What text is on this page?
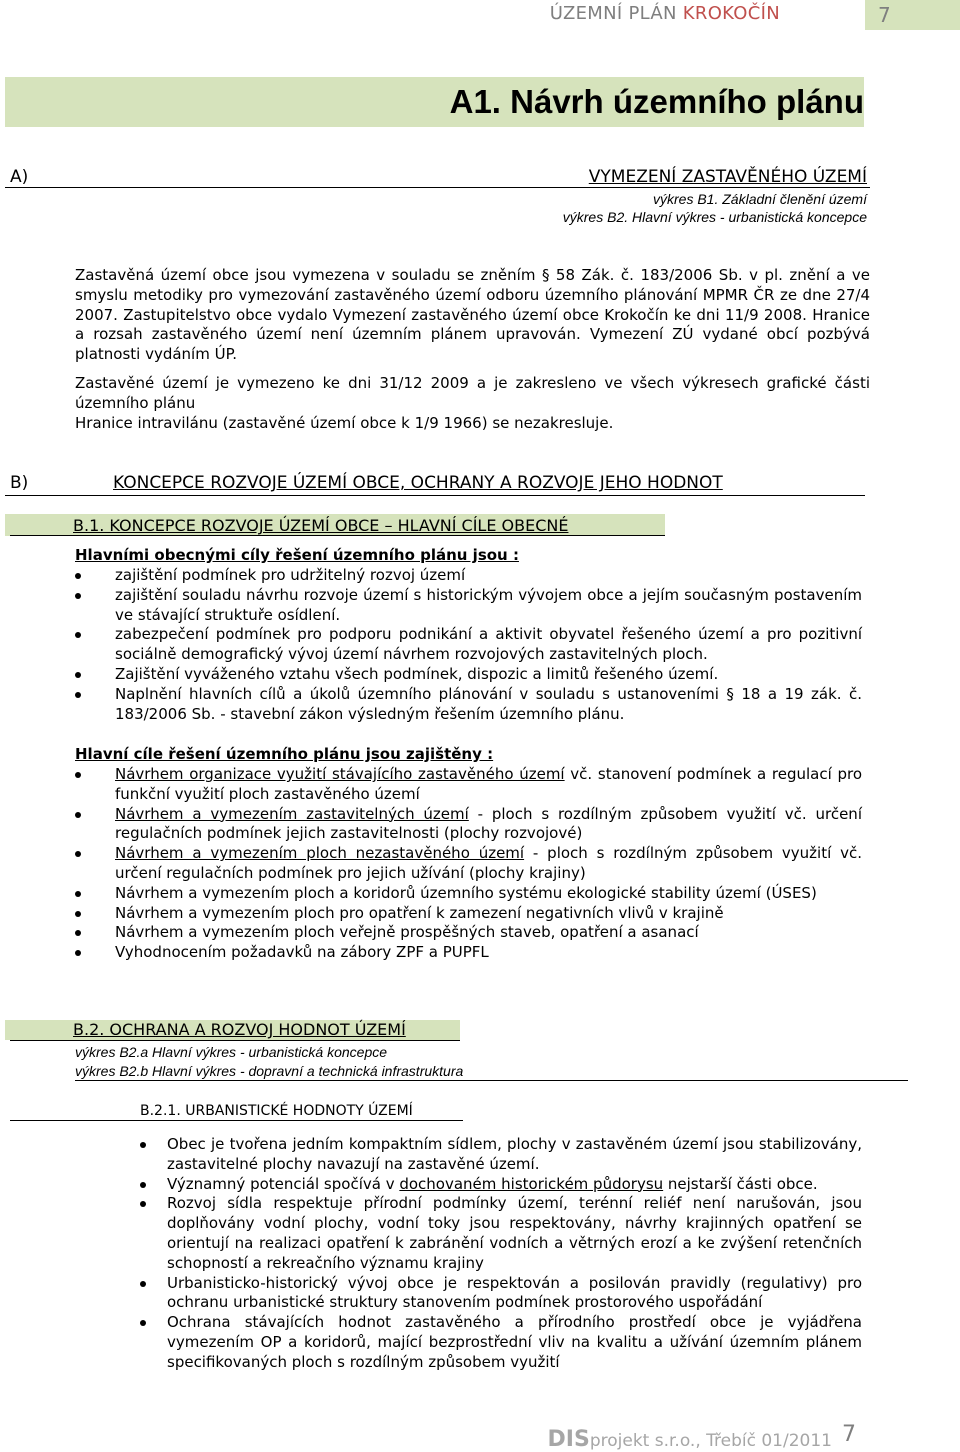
ÚZEMNÍ PLÁN KROKOČÍN	7
A1. Návrh územního plánu
A)	VYMEZENÍ ZASTAVĚNÉHO ÚZEMÍ
výkres B1. Základní členění území
výkres B2. Hlavní výkres - urbanistická koncepce
Zastavěná území obce jsou vymezena v souladu se zněním § 58 Zák. č. 183/2006 Sb. v pl. znění a ve smyslu metodiky pro vymezování zastavěného území odboru územního plánování MPMR ČR ze dne 27/4 2007. Zastupitelstvo obce vydalo Vymezení zastavěného území obce Krokočín ke dni 11/9 2008. Hranice a rozsah zastavěného území není územním plánem upravován. Vymezení ZÚ vydané obcí pozbývá platnosti vydáním ÚP.
Zastavěné území je vymezeno ke dni 31/12 2009 a je zakresleno ve všech výkresech grafické části územního plánu
Hranice intravilánu (zastavěné území obce k 1/9 1966) se nezakresluje.
B)	KONCEPCE ROZVOJE ÚZEMÍ OBCE, OCHRANY A ROZVOJE JEHO HODNOT
B.1. KONCEPCE ROZVOJE ÚZEMÍ OBCE – HLAVNÍ CÍLE OBECNÉ
Hlavními obecnými cíly řešení územního plánu jsou :
zajištění podmínek pro udržitelný rozvoj území
zajištění souladu návrhu rozvoje území s historickým vývojem obce a jejím současným postavením ve stávající struktuře osídlení.
zabezpečení podmínek pro podporu podnikání a aktivit obyvatel řešeného území a pro pozitivní sociálně demografický vývoj území návrhem rozvojových zastavitelných ploch.
Zajištění vyváženého vztahu všech podmínek, dispozic a limitů řešeného území.
Naplnění hlavních cílů a úkolů územního plánování v souladu s ustanoveními § 18 a 19 zák. č. 183/2006 Sb. - stavební zákon výsledným řešením územního plánu.
Hlavní cíle řešení územního plánu jsou zajištěny :
Návrhem organizace využití stávajícího zastavěného území vč. stanovení podmínek a regulací pro funkční využití ploch zastavěného území
Návrhem a vymezením zastavitelných území - ploch s rozdílným způsobem využití vč. určení regulačních podmínek jejich zastavitelnosti (plochy rozvojové)
Návrhem a vymezením ploch nezastavěného území - ploch s rozdílným způsobem využití vč. určení regulačních podmínek pro jejich užívání (plochy krajiny)
Návrhem a vymezením ploch a koridorů územního systému ekologické stability území (ÚSES)
Návrhem a vymezením ploch pro opatření k zamezení negativních vlivů v krajině
Návrhem a vymezením ploch veřejně prospěšných staveb, opatření a asanací
Vyhodnocením požadavků na zábory ZPF a PUPFL
B.2. OCHRANA A ROZVOJ HODNOT ÚZEMÍ
výkres B2.a Hlavní výkres - urbanistická koncepce
výkres B2.b Hlavní výkres - dopravní a technická infrastruktura
B.2.1. URBANISTICKÉ HODNOTY ÚZEMÍ
Obec je tvořena jedním kompaktním sídlem, plochy v zastavěném území jsou stabilizovány, zastavitelné plochy navazují na zastavěné území.
Významný potenciál spočívá v dochovaném historickém půdorysu nejstarší části obce.
Rozvoj sídla respektuje přírodní podmínky území, terénní reliéf není narušován, jsou doplňovány vodní plochy, vodní toky jsou respektovány, návrhy krajinných opatření se orientují na realizaci opatření k zabránění vodních a větrných erozí a ke zvýšení retenčních schopností a rekreačního významu krajiny
Urbanisticko-historický vývoj obce je respektován a posilován pravidly (regulativy) pro ochranu urbanistické struktury stanovením podmínek prostorového uspořádání
Ochrana stávajících hodnot zastavěného a přírodního prostředí obce je vyjádřena vymezením OP a koridorů, mající bezprostřední vliv na kvalitu a užívání územním plánem specifikovaných ploch s rozdílným způsobem využití
DISprojekt s.r.o., Třebíč 01/2011 7
